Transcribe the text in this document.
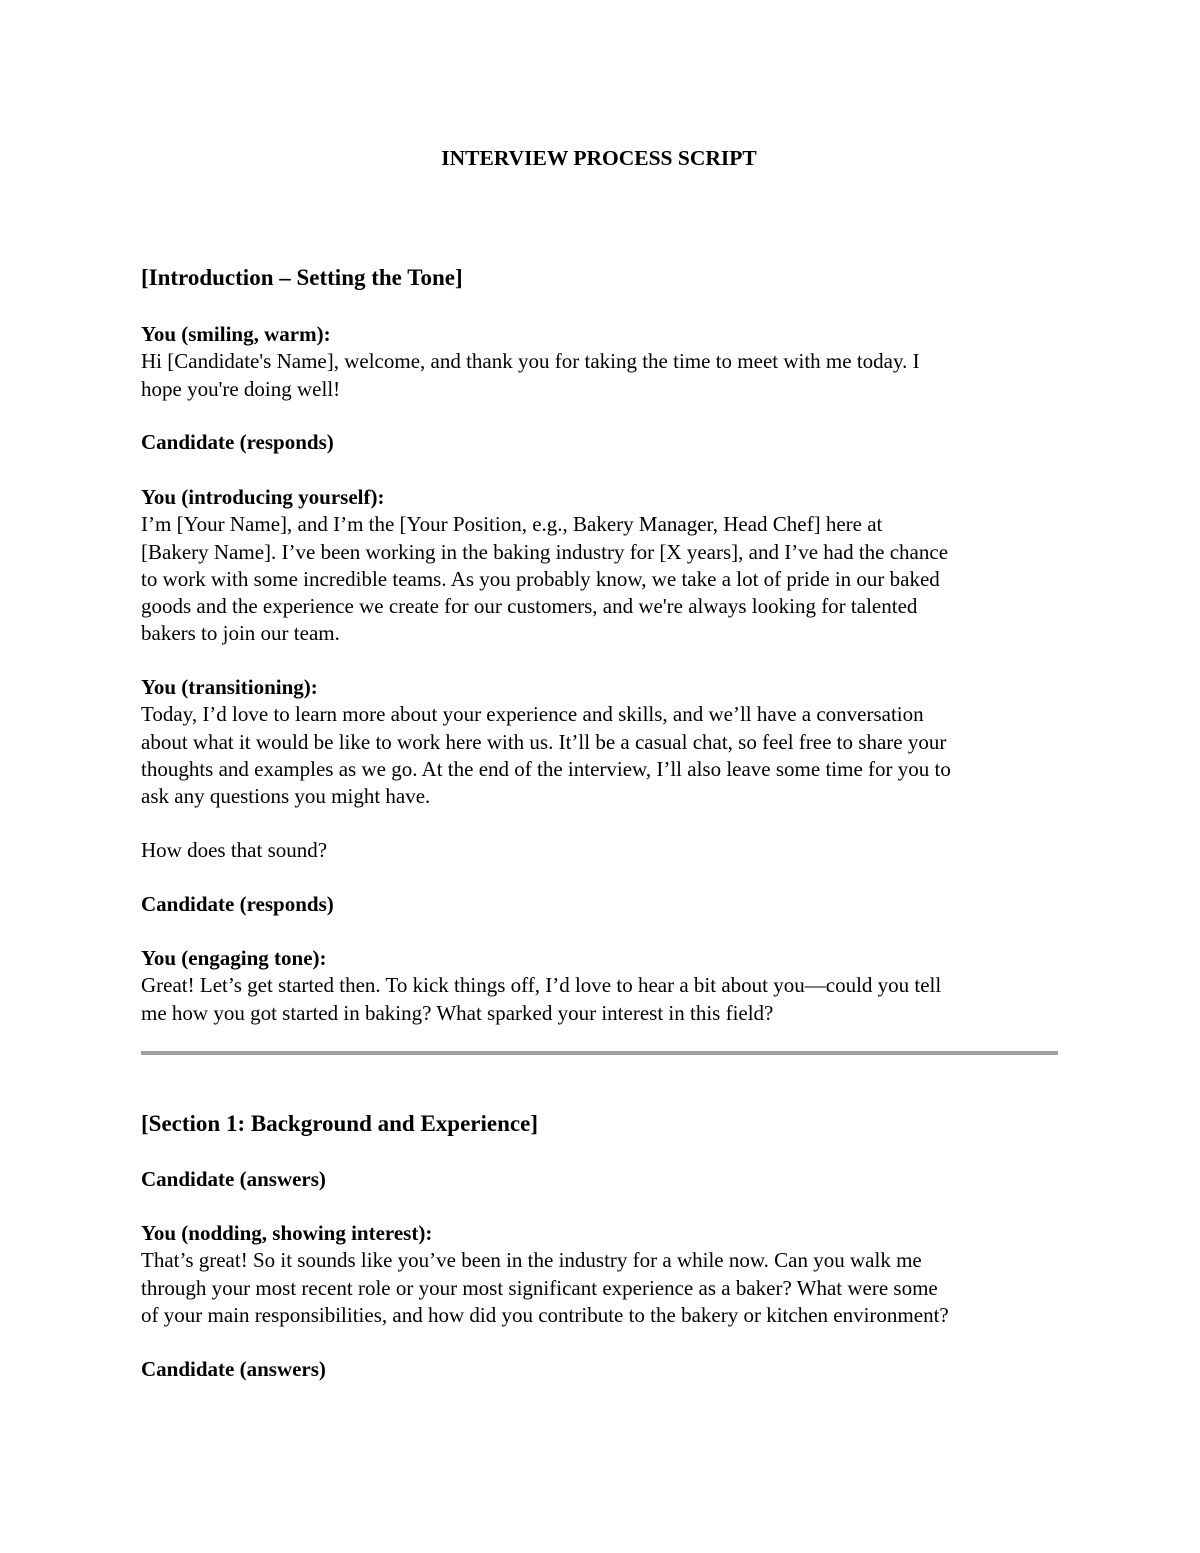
INTERVIEW PROCESS SCRIPT
[Introduction – Setting the Tone]
You (smiling, warm):
Hi [Candidate's Name], welcome, and thank you for taking the time to meet with me today. I
hope you're doing well!
Candidate (responds)
You (introducing yourself):
I’m [Your Name], and I’m the [Your Position, e.g., Bakery Manager, Head Chef] here at
[Bakery Name]. I’ve been working in the baking industry for [X years], and I’ve had the chance
to work with some incredible teams. As you probably know, we take a lot of pride in our baked
goods and the experience we create for our customers, and we're always looking for talented
bakers to join our team.
You (transitioning):
Today, I’d love to learn more about your experience and skills, and we’ll have a conversation
about what it would be like to work here with us. It’ll be a casual chat, so feel free to share your
thoughts and examples as we go. At the end of the interview, I’ll also leave some time for you to
ask any questions you might have.
How does that sound?
Candidate (responds)
You (engaging tone):
Great! Let’s get started then. To kick things off, I’d love to hear a bit about you—could you tell
me how you got started in baking? What sparked your interest in this field?
[Section 1: Background and Experience]
Candidate (answers)
You (nodding, showing interest):
That’s great! So it sounds like you’ve been in the industry for a while now. Can you walk me
through your most recent role or your most significant experience as a baker? What were some
of your main responsibilities, and how did you contribute to the bakery or kitchen environment?
Candidate (answers)
